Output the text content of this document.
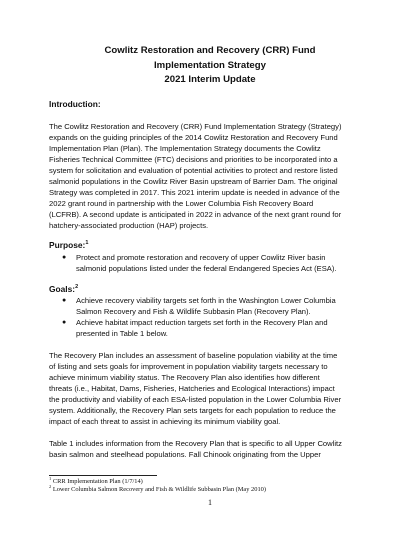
Cowlitz Restoration and Recovery (CRR) Fund
Implementation Strategy
2021 Interim Update
Introduction:
The Cowlitz Restoration and Recovery (CRR) Fund Implementation Strategy (Strategy)
expands on the guiding principles of the 2014 Cowlitz Restoration and Recovery Fund
Implementation Plan (Plan). The Implementation Strategy documents the Cowlitz
Fisheries Technical Committee (FTC) decisions and priorities to be incorporated into a
system for solicitation and evaluation of potential activities to protect and restore listed
salmonid populations in the Cowlitz River Basin upstream of Barrier Dam. The original
Strategy was completed in 2017. This 2021 interim update is needed in advance of the
2022 grant round in partnership with the Lower Columbia Fish Recovery Board
(LCFRB). A second update is anticipated in 2022 in advance of the next grant round for
hatchery-associated production (HAP) projects.
Purpose:$^1$
● Protect and promote restoration and recovery of upper Cowlitz River basin
salmonid populations listed under the federal Endangered Species Act (ESA).
Goals:$^2$
● Achieve recovery viability targets set forth in the Washington Lower Columbia
Salmon Recovery and Fish & Wildlife Subbasin Plan (Recovery Plan).
● Achieve habitat impact reduction targets set forth in the Recovery Plan and
presented in Table 1 below.
The Recovery Plan includes an assessment of baseline population viability at the time
of listing and sets goals for improvement in population viability targets necessary to
achieve minimum viability status. The Recovery Plan also identifies how different
threats (i.e., Habitat, Dams, Fisheries, Hatcheries and Ecological Interactions) impact
the productivity and viability of each ESA-listed population in the Lower Columbia River
system. Additionally, the Recovery Plan sets targets for each population to reduce the
impact of each threat to assist in achieving its minimum viability goal.
Table 1 includes information from the Recovery Plan that is specific to all Upper Cowlitz
basin salmon and steelhead populations. Fall Chinook originating from the Upper
$^1$ CRR Implementation Plan (1/7/14)
$^2$ Lower Columbia Salmon Recovery and Fish & Wildlife Subbasin Plan (May 2010)
1
